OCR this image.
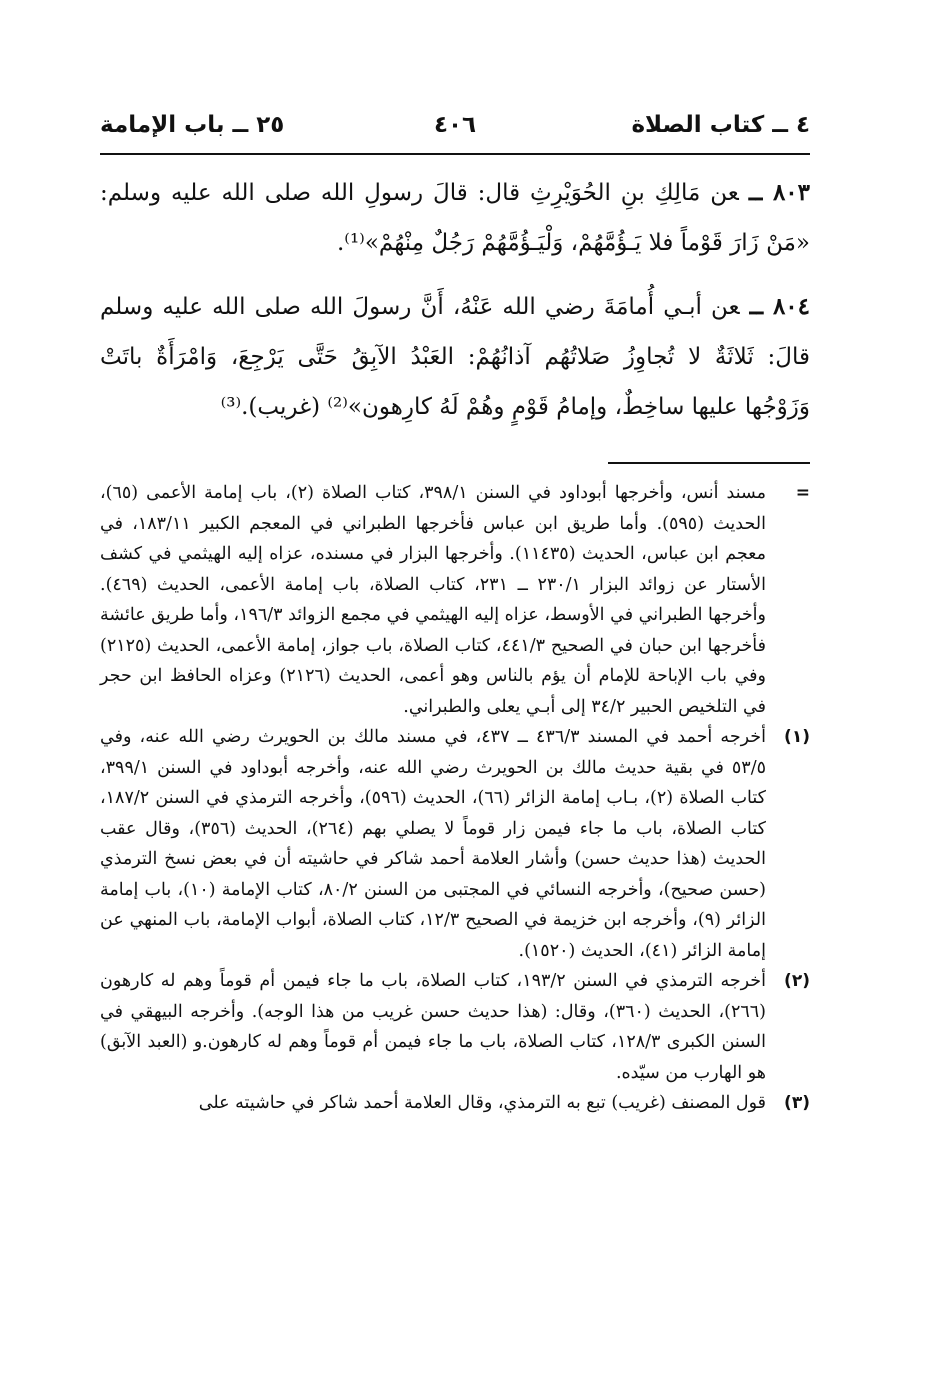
٤ ــ كتاب الصلاة
٤٠٦
٢٥ ــ باب الإمامة

٨٠٣ ــعن مَالِكِ بنِ الحُوَيْرِثِ قال: قالَ رسولِ الله صلى الله عليه وسلم: «مَنْ زَارَ قَوْماً فلا يَـؤُمَّهُمْ، وَلْيَـؤُمَّهُمْ رَجُلٌ مِنْهُمْ»⁽¹⁾.

٨٠٤ ــعن أبـي أُمامَةَ رضي الله عَنْهُ، أَنَّ رسولَ الله صلى الله عليه وسلم قالَ: ثَلاثَةٌ لا تُجاوِزُ صَلاتُهُم آذانُهُمْ: العَبْدُ الآبِقُ حَتَّى يَرْجِعَ، وَامْرَأَةٌ باتَتْ وَزَوْجُها عليها ساخِطٌ، وإمامُ قَوْمٍ وهُمْ لَهُ كارِهون»⁽²⁾ (غريب).⁽³⁾

=
مسند أنس، وأخرجها أبوداود في السنن ٣٩٨/١، كتاب الصلاة (٢)، باب إمامة الأعمى (٦٥)، الحديث (٥٩٥). وأما طريق ابن عباس فأخرجها الطبراني في المعجم الكبير ١٨٣/١١، في معجم ابن عباس، الحديث (١١٤٣٥). وأخرجها البزار في مسنده، عزاه إليه الهيثمي في كشف الأستار عن زوائد البزار ٢٣٠/١ ــ ٢٣١، كتاب الصلاة، باب إمامة الأعمى، الحديث (٤٦٩). وأخرجها الطبراني في الأوسط، عزاه إليه الهيثمي في مجمع الزوائد ١٩٦/٣، وأما طريق عائشة فأخرجها ابن حبان في الصحيح ٤٤١/٣، كتاب الصلاة، باب جواز، إمامة الأعمى، الحديث (٢١٢٥) وفي باب الإباحة للإمام أن يؤم بالناس وهو أعمى، الحديث (٢١٢٦) وعزاه الحافظ ابن حجر في التلخيص الحبير ٣٤/٢ إلى أبـي يعلى والطبراني.
(١)
أخرجه أحمد في المسند ٤٣٦/٣ ــ ٤٣٧، في مسند مالك بن الحويرث رضي الله عنه، وفي ٥٣/٥ في بقية حديث مالك بن الحويرث رضي الله عنه، وأخرجه أبوداود في السنن ٣٩٩/١، كتاب الصلاة (٢)، بـاب إمامة الزائر (٦٦)، الحديث (٥٩٦)، وأخرجه الترمذي في السنن ١٨٧/٢، كتاب الصلاة، باب ما جاء فيمن زار قوماً لا يصلي بهم (٢٦٤)، الحديث (٣٥٦)، وقال عقب الحديث (هذا حديث حسن) وأشار العلامة أحمد شاكر في حاشيته أن في بعض نسخ الترمذي (حسن صحيح)، وأخرجه النسائي في المجتبى من السنن ٨٠/٢، كتاب الإمامة (١٠)، باب إمامة الزائر (٩)، وأخرجه ابن خزيمة في الصحيح ١٢/٣، كتاب الصلاة، أبواب الإمامة، باب المنهي عن إمامة الزائر (٤١)، الحديث (١٥٢٠).
(٢)
أخرجه الترمذي في السنن ١٩٣/٢، كتاب الصلاة، باب ما جاء فيمن أم قوماً وهم له كارهون (٢٦٦)، الحديث (٣٦٠)، وقال: (هذا حديث حسن غريب من هذا الوجه). وأخرجه البيهقي في السنن الكبرى ١٢٨/٣، كتاب الصلاة، باب ما جاء فيمن أم قوماً وهم له كارهون.و (العبد الآبق) هو الهارب من سيّده.
(٣)
قول المصنف (غريب) تبع به الترمذي، وقال العلامة أحمد شاكر في حاشيته على
